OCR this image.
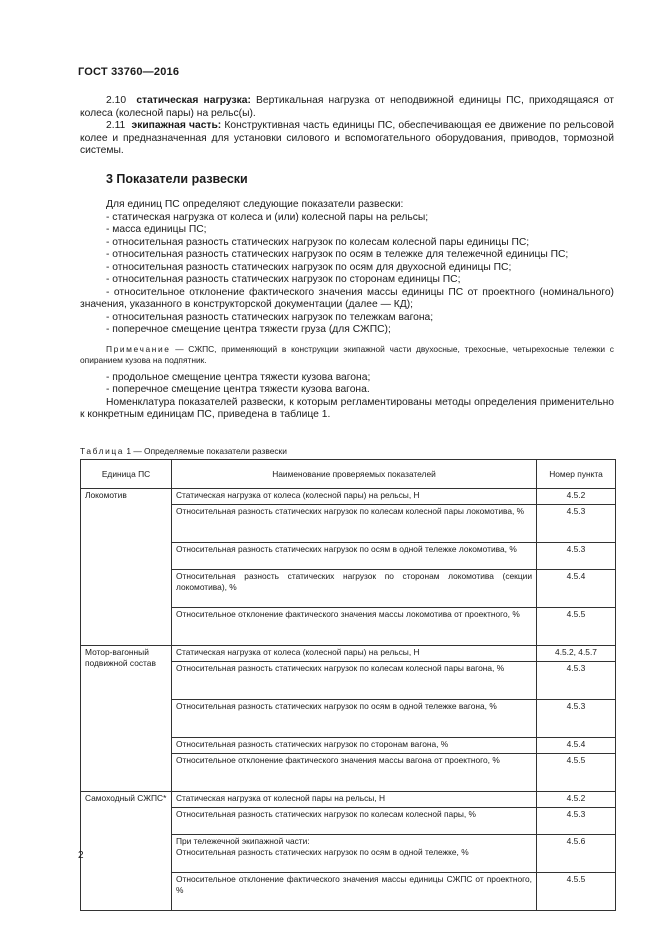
ГОСТ 33760—2016

2.10 статическая нагрузка: Вертикальная нагрузка от неподвижной единицы ПС, приходящаяся от колеса (колесной пары) на рельс(ы).

2.11 экипажная часть: Конструктивная часть единицы ПС, обеспечивающая ее движение по рельсовой колее и предназначенная для установки силового и вспомогательного оборудования, приводов, тормозной системы.

3 Показатели развески

Для единиц ПС определяют следующие показатели развески:

- статическая нагрузка от колеса и (или) колесной пары на рельсы;

- масса единицы ПС;

- относительная разность статических нагрузок по колесам колесной пары единицы ПС;

- относительная разность статических нагрузок по осям в тележке для тележечной единицы ПС;

- относительная разность статических нагрузок по осям для двухосной единицы ПС;

- относительная разность статических нагрузок по сторонам единицы ПС;

- относительное отклонение фактического значения массы единицы ПС от проектного (номинального) значения, указанного в конструкторской документации (далее — КД);

- относительная разность статических нагрузок по тележкам вагона;

- поперечное смещение центра тяжести груза (для СЖПС);

Примечание — СЖПС, применяющий в конструкции экипажной части двухосные, трехосные, четырехосные тележки с опиранием кузова на подпятник.

- продольное смещение центра тяжести кузова вагона;

- поперечное смещение центра тяжести кузова вагона.

Номенклатура показателей развески, к которым регламентированы методы определения применительно к конкретным единицам ПС, приведена в таблице 1.

Таблица 1 — Определяемые показатели развески
Единица ПС	Наименование проверяемых показателей	Номер пункта
Локомотив	Статическая нагрузка от колеса (колесной пары) на рельсы, Н	4.5.2
	Относительная разность статических нагрузок по колесам колесной пары локомотива, %	4.5.3
	Относительная разность статических нагрузок по осям в одной тележке локомотива, %	4.5.3
	Относительная разность статических нагрузок по сторонам локомотива (секции локомотива), %	4.5.4
	Относительное отклонение фактического значения массы локомотива от проектного, %	4.5.5
Мотор-вагонный подвижной состав	Статическая нагрузка от колеса (колесной пары) на рельсы, Н	4.5.2, 4.5.7
	Относительная разность статических нагрузок по колесам колесной пары вагона, %	4.5.3
	Относительная разность статических нагрузок по осям в одной тележке вагона, %	4.5.3
	Относительная разность статических нагрузок по сторонам вагона, %	4.5.4
	Относительное отклонение фактического значения массы вагона от проектного, %	4.5.5
Самоходный СЖПС*	Статическая нагрузка от колесной пары на рельсы, Н	4.5.2
	Относительная разность статических нагрузок по колесам колесной пары, %	4.5.3

	При тележечной экипажной части:
Относительная разность статических нагрузок по осям в одной тележке, %	4.5.6
	Относительное отклонение фактического значения массы единицы СЖПС от проектного, %	4.5.5
2
